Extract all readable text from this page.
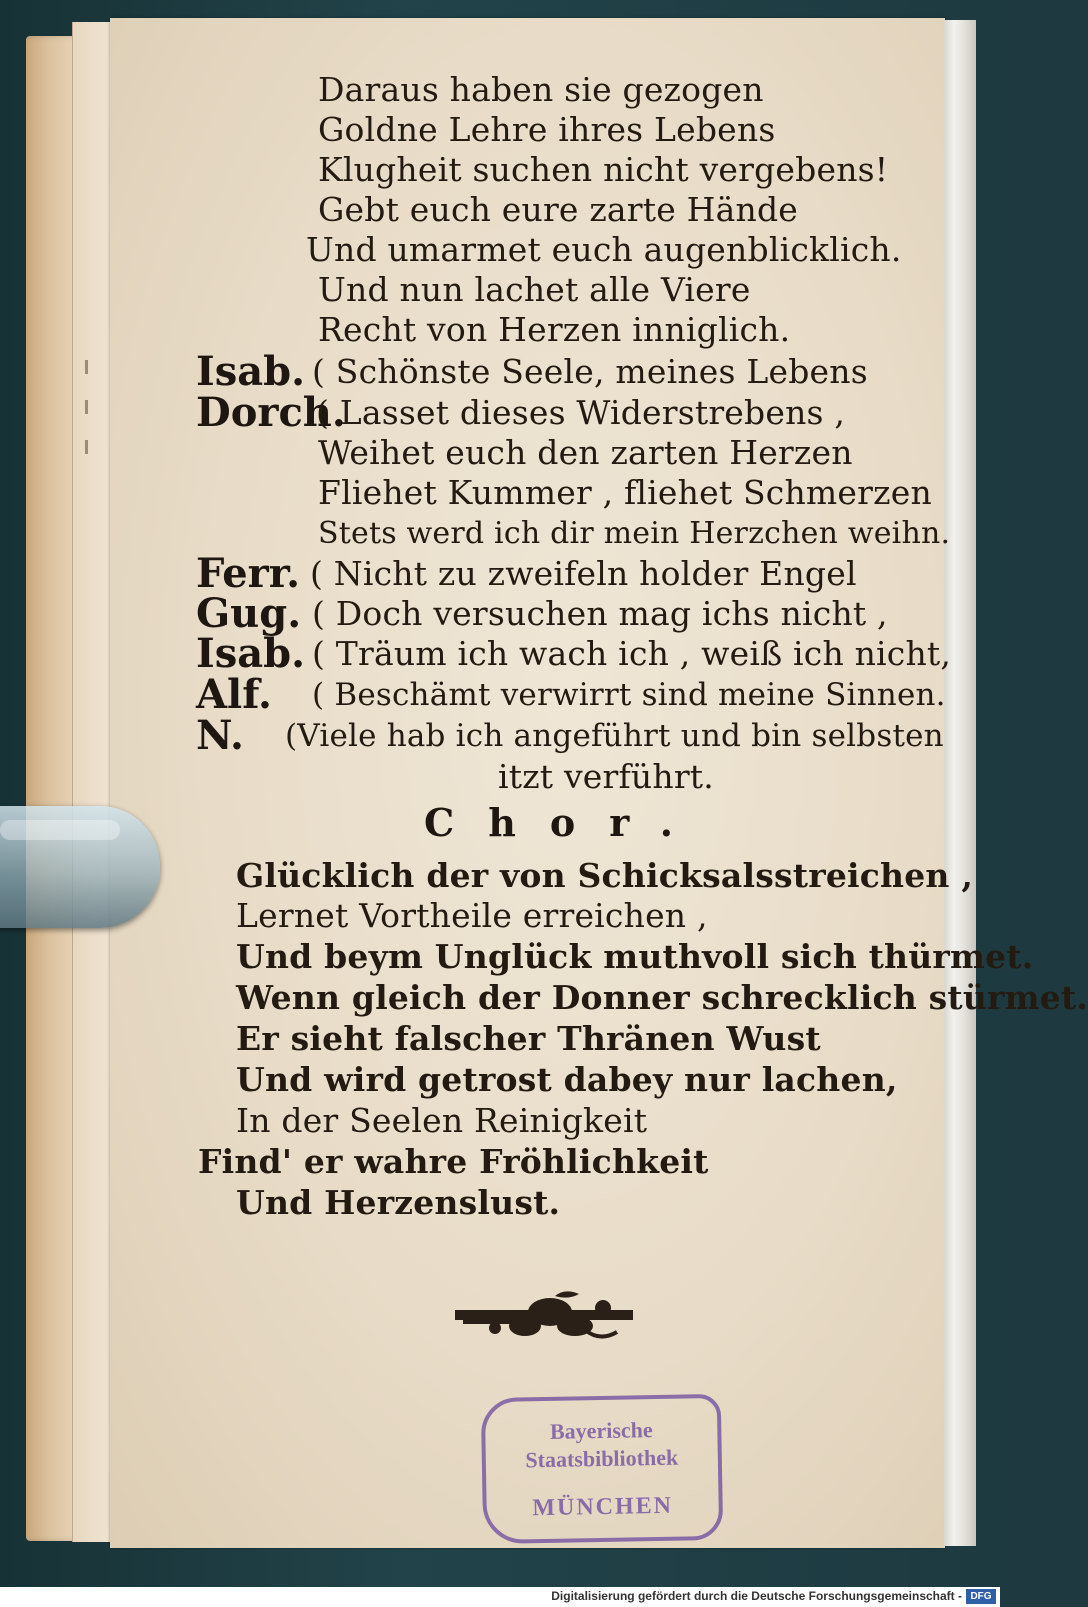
Daraus haben sie gezogen
Goldne Lehre ihres Lebens
Klugheit suchen nicht vergebens!
Gebt euch eure zarte Hände
Und umarmet euch augenblicklich.
Und nun lachet alle Viere
Recht von Herzen inniglich.
Isab. ( Schönste Seele, meines Lebens
Dorch.
( Lasset dieses Widerstrebens ,
Weihet euch den zarten Herzen
Fliehet Kummer , fliehet Schmerzen
Stets werd ich dir mein Herzchen weihn.
Ferr. ( Nicht zu zweifeln holder Engel
Gug. ( Doch versuchen mag ichs nicht ,
Isab. ( Träum ich wach ich , weiß ich nicht,
Alf. ( Beschämt verwirrt sind meine Sinnen.
N. (Viele hab ich angeführt und bin selbsten
itzt verführt.
Chor.
Glücklich der von Schicksalsstreichen ,
Lernet Vortheile erreichen ,
Und beym Unglück muthvoll sich thürmet.
Wenn gleich der Donner schrecklich stürmet.
Er sieht falscher Thränen Wust
Und wird getrost dabey nur lachen,
In der Seelen Reinigkeit
Find' er wahre Fröhlichkeit
Und Herzenslust.
Bayerische
Staatsbibliothek
MÜNCHEN
Digitalisierung gefördert durch die Deutsche Forschungsgemeinschaft - DFG
